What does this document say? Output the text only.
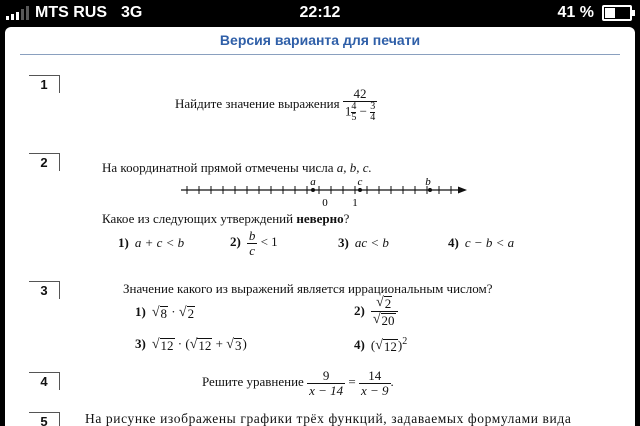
MTS RUS 3G	22:12	41 %
Версия варианта для печати
1
Найдите значение выражения $\frac{42}{1 \frac{4}{5} - \frac{3}{4}}$
2	На координатной прямой отмечены числа a, b, c.
a	c	b
0 1
Какое из следующих утверждений неверно?
1) a + c < b	$2) \frac{b}{c} < 1$	3) ac < b	4) c − b < a
3	Значение какого из выражений является иррациональным числом?
1) √ 8 · √ 2	$2) \frac{√ 2}{√ 20}$
3) √ 12 · ( √ 12 + √ 3 )	4) ( √ 12 )$^2$
4	Решите уравнение $\frac{9}{x - 14} = \frac{14}{x - 9}$ .
5	На рисунке изображены графики трёх функций, задаваемых формулами вида
